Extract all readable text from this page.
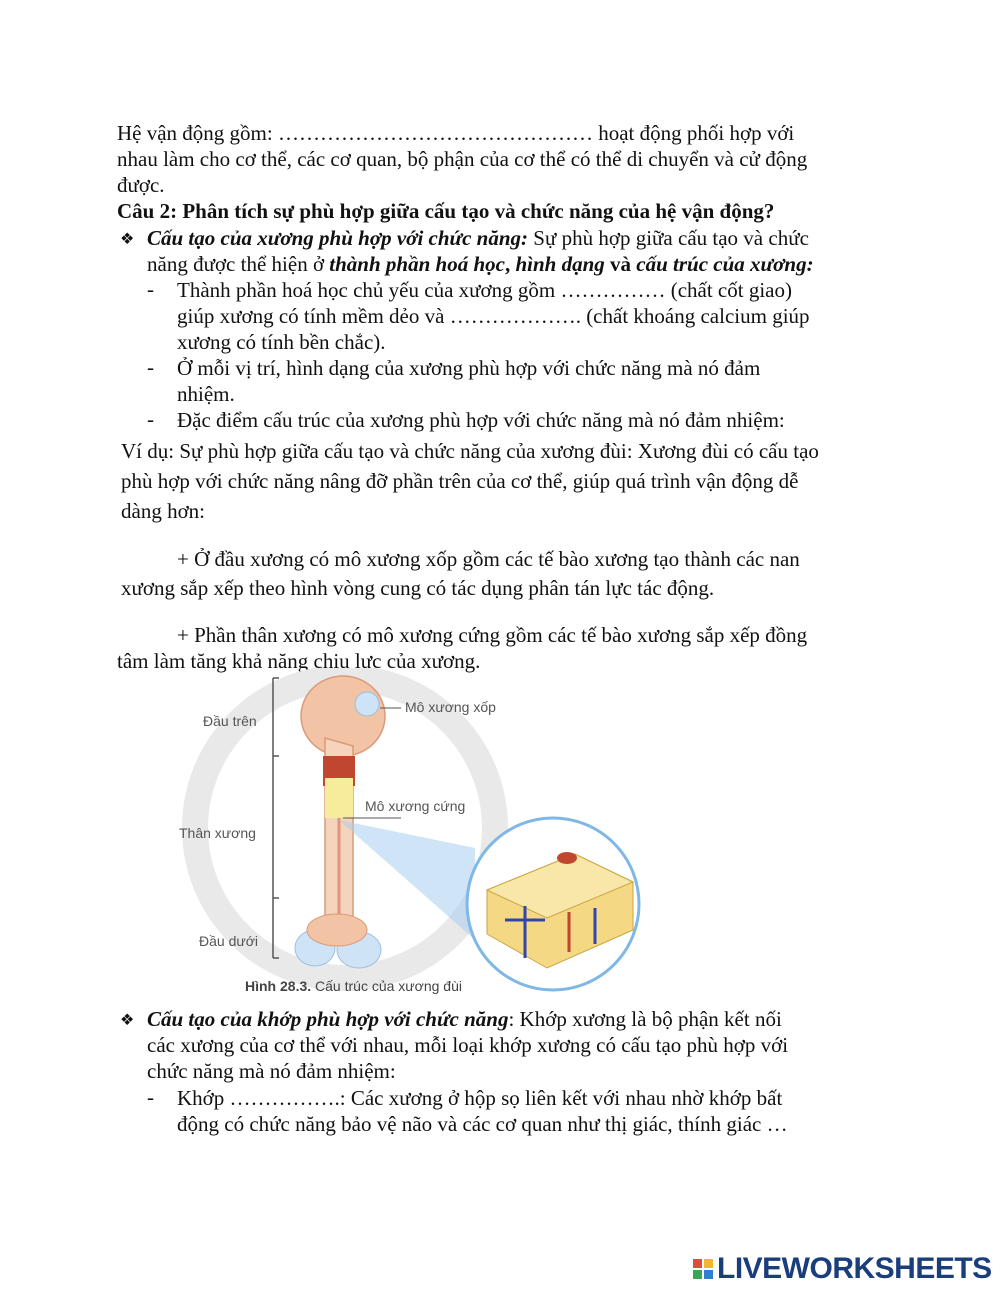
Hệ vận động gồm: ……………………………………… hoạt động phối hợp với
nhau làm cho cơ thể, các cơ quan, bộ phận của cơ thể có thể di chuyển và cử động
được.
Câu 2: Phân tích sự phù hợp giữa cấu tạo và chức năng của hệ vận động?
❖ Cấu tạo của xương phù hợp với chức năng: Sự phù hợp giữa cấu tạo và chức
năng được thể hiện ở thành phần hoá học, hình dạng và cấu trúc của xương:
- Thành phần hoá học chủ yếu của xương gồm …………… (chất cốt giao)
giúp xương có tính mềm dẻo và ………………. (chất khoáng calcium giúp
xương có tính bền chắc).
- Ở mỗi vị trí, hình dạng của xương phù hợp với chức năng mà nó đảm
nhiệm.
- Đặc điểm cấu trúc của xương phù hợp với chức năng mà nó đảm nhiệm:
Ví dụ: Sự phù hợp giữa cấu tạo và chức năng của xương đùi: Xương đùi có cấu tạo
phù hợp với chức năng nâng đỡ phần trên của cơ thể, giúp quá trình vận động dễ
dàng hơn:
+ Ở đầu xương có mô xương xốp gồm các tế bào xương tạo thành các nan
xương sắp xếp theo hình vòng cung có tác dụng phân tán lực tác động.
+ Phần thân xương có mô xương cứng gồm các tế bào xương sắp xếp đồng
tâm làm tăng khả năng chịu lực của xương.
Đầu trên
Thân xương
Đầu dưới
Mô xương xốp
Mô xương cứng
Hình 28.3. Cấu trúc của xương đùi
❖ Cấu tạo của khớp phù hợp với chức năng: Khớp xương là bộ phận kết nối
các xương của cơ thể với nhau, mỗi loại khớp xương có cấu tạo phù hợp với
chức năng mà nó đảm nhiệm:
- Khớp …………….: Các xương ở hộp sọ liên kết với nhau nhờ khớp bất
động có chức năng bảo vệ não và các cơ quan như thị giác, thính giác …
LIVEWORKSHEETS
